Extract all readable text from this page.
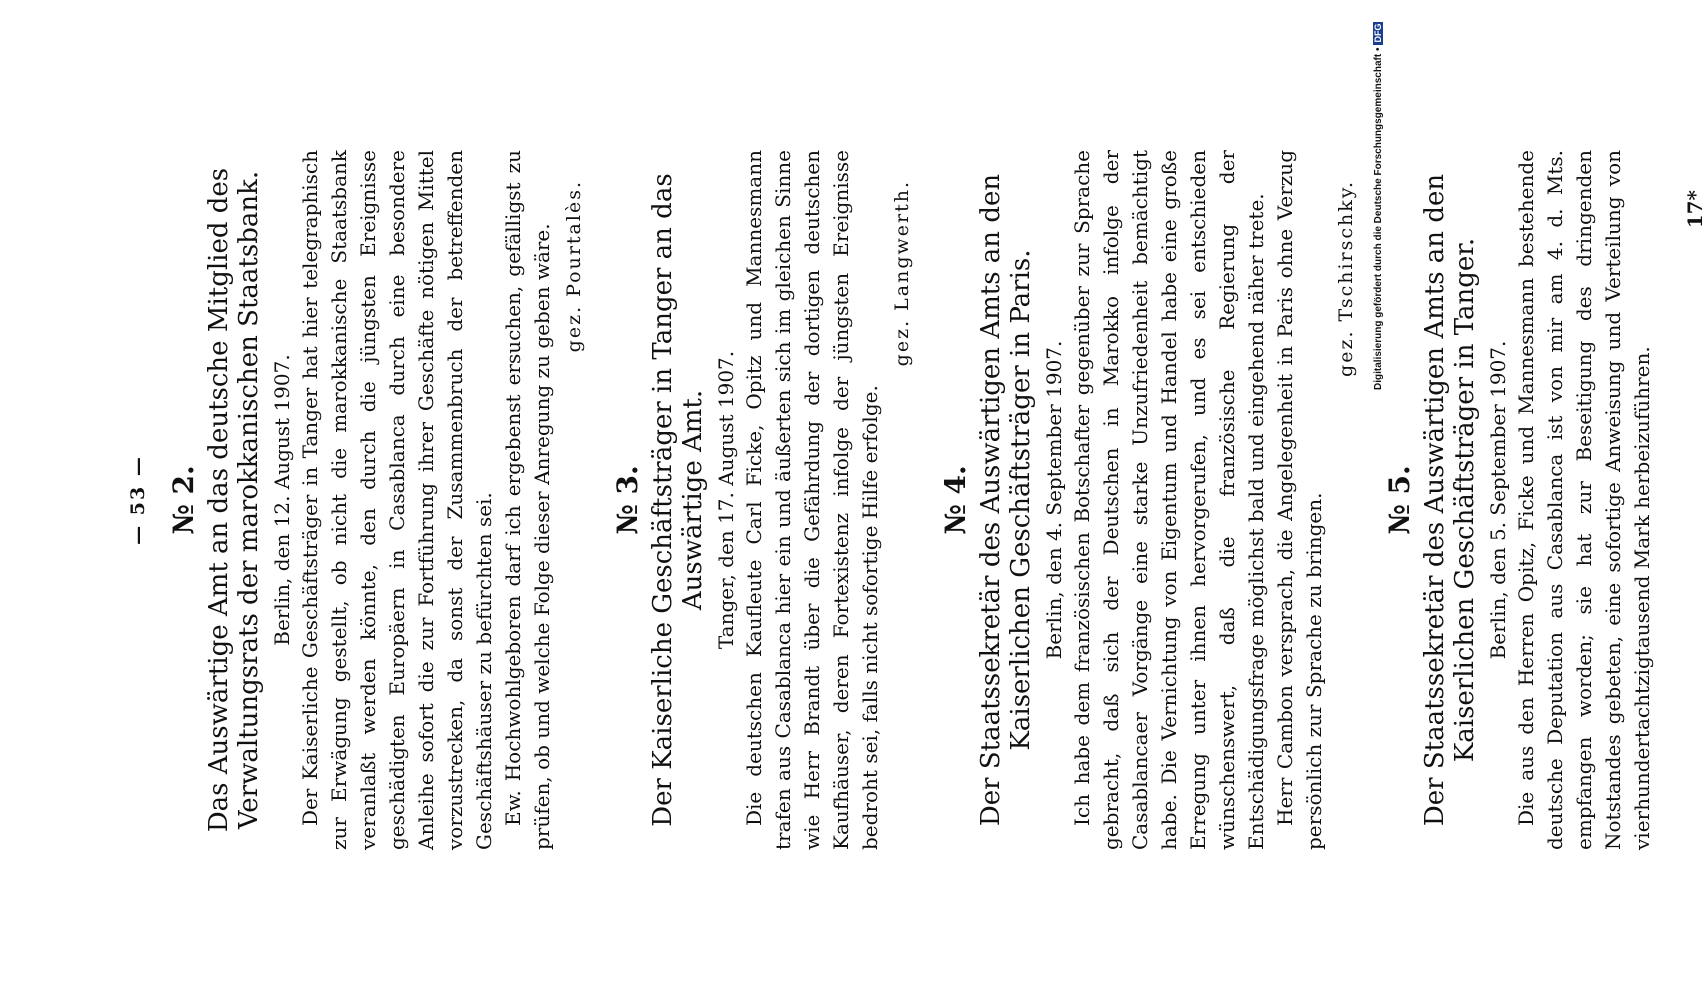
— 53 — № 2. Das Auswärtige Amt an das deutsche Mitglied des Verwaltungsrats der marokkanischen Staatsbank. Berlin, den 12. August 1907. Der Kaiserliche Geschäftsträger in Tanger hat hier telegraphisch zur Erwägung gestellt, ob nicht die marokkanische Staatsbank veranlaßt werden könnte, den durch die jüngsten Ereignisse geschädigten Europäern in Casablanca durch eine besondere Anleihe sofort die zur Fortführung ihrer Geschäfte nötigen Mittel vorzustrecken, da sonst der Zusammenbruch der betreffenden Geschäftshäuser zu befürchten sei. Ew. Hochwohlgeboren darf ich ergebenst ersuchen, gefälligst zu prüfen, ob und welche Folge dieser Anregung zu geben wäre. gez. Pourtalès.
№ 3. Der Kaiserliche Geschäftsträger in Tanger an das Auswärtige Amt. Tanger, den 17. August 1907. Die deutschen Kaufleute Carl Ficke, Opitz und Mannesmann trafen aus Casablanca hier ein und äußerten sich im gleichen Sinne wie Herr Brandt über die Gefährdung der dortigen deutschen Kaufhäuser, deren Fortexistenz infolge der jüngsten Ereignisse bedroht sei, falls nicht sofortige Hilfe erfolge.

gez. Langwerth.
№ 4. Der Staatssekretär des Auswärtigen Amts an den Kaiserlichen Geschäftsträger in Paris. Berlin, den 4. September 1907. Ich habe dem französischen Botschafter gegenüber zur Sprache gebracht, daß sich der Deutschen in Marokko infolge der Casablancaer Vorgänge eine starke Unzufriedenheit bemächtigt habe. Die Vernichtung von Eigentum und Handel habe eine große Erregung unter ihnen hervorgerufen, und es sei entschieden wünschenswert, daß die französische Regierung der Entschädigungsfrage möglichst bald und eingehend näher trete. Herr Cambon versprach, die Angelegenheit in Paris ohne Verzug persönlich zur Sprache zu bringen.

gez. Tschirschky.
№ 5. Der Staatssekretär des Auswärtigen Amts an den Kaiserlichen Geschäftsträger in Tanger. Berlin, den 5. September 1907. Die aus den Herren Opitz, Ficke und Mannesmann bestehende deutsche Deputation aus Casablanca ist von mir am 4. d. Mts. empfangen worden; sie hat zur Beseitigung des dringenden Notstandes gebeten, eine sofortige Anweisung und Verteilung von vierhundertachtzigtausend Mark herbeizuführen.

17*
Digitalisierung gefördert durch die Deutsche Forschungsgemeinschaft •
DFG
